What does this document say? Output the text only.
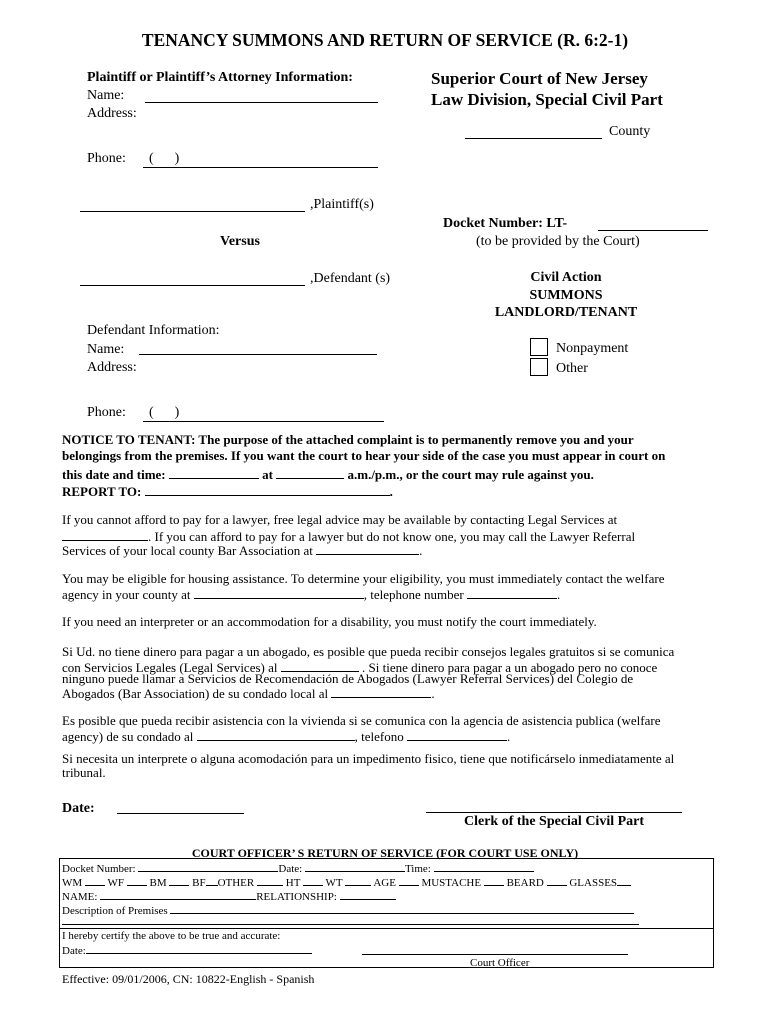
TENANCY SUMMONS AND RETURN OF SERVICE (R. 6:2-1)
Plaintiff or Plaintiff’s Attorney Information:
Name:
Address:
Phone:	(      )
Superior Court of New Jersey
Law Division, Special Civil Part
County
,Plaintiff(s)
Docket Number: LT-
(to be provided by the Court)
Versus
,Defendant (s)	Civil Action
SUMMONS
LANDLORD/TENANT
Defendant Information:
Name:
Address:
Phone:	(      )
Nonpayment
Other
NOTICE TO TENANT: The purpose of the attached complaint is to permanently remove you and your
belongings from the premises. If you want the court to hear your side of the case you must appear in court on
this date and time:	at	a.m./p.m., or the court may rule against you.
REPORT TO:	.
If you cannot afford to pay for a lawyer, free legal advice may be available by contacting Legal Services at
. If you can afford to pay for a lawyer but do not know one, you may call the Lawyer Referral
Services of your local county Bar Association at	.
You may be eligible for housing assistance. To determine your eligibility, you must immediately contact the welfare
agency in your county at	, telephone number	.
If you need an interpreter or an accommodation for a disability, you must notify the court immediately.
Si Ud. no tiene dinero para pagar a un abogado, es posible que pueda recibir consejos legales gratuitos si se comunica
con Servicios Legales (Legal Services) al	. Si tiene dinero para pagar a un abogado pero no conoce
ninguno puede llamar a Servicios de Recomendación de Abogados (Lawyer Referral Services) del Colegio de
Abogados (Bar Association) de su condado local al	.
Es posible que pueda recibir asistencia con la vivienda si se comunica con la agencia de asistencia publica (welfare
agency) de su condado al	, telefono	.
Si necesita un interprete o alguna acomodación para un impedimento fisico, tiene que notificárselo inmediatamente al
tribunal.
Date:
Clerk of the Special Civil Part
COURT OFFICER’ S RETURN OF SERVICE (FOR COURT USE ONLY)
Docket Number:	Date:	Time:
WM WF BM BF OTHER	HT WT	AGE MUSTACHE BEARD GLASSES
NAME:	RELATIONSHIP:
Description of Premises
I hereby certify the above to be true and accurate:
Date:
Court Officer
Effective: 09/01/2006, CN: 10822-English - Spanish
